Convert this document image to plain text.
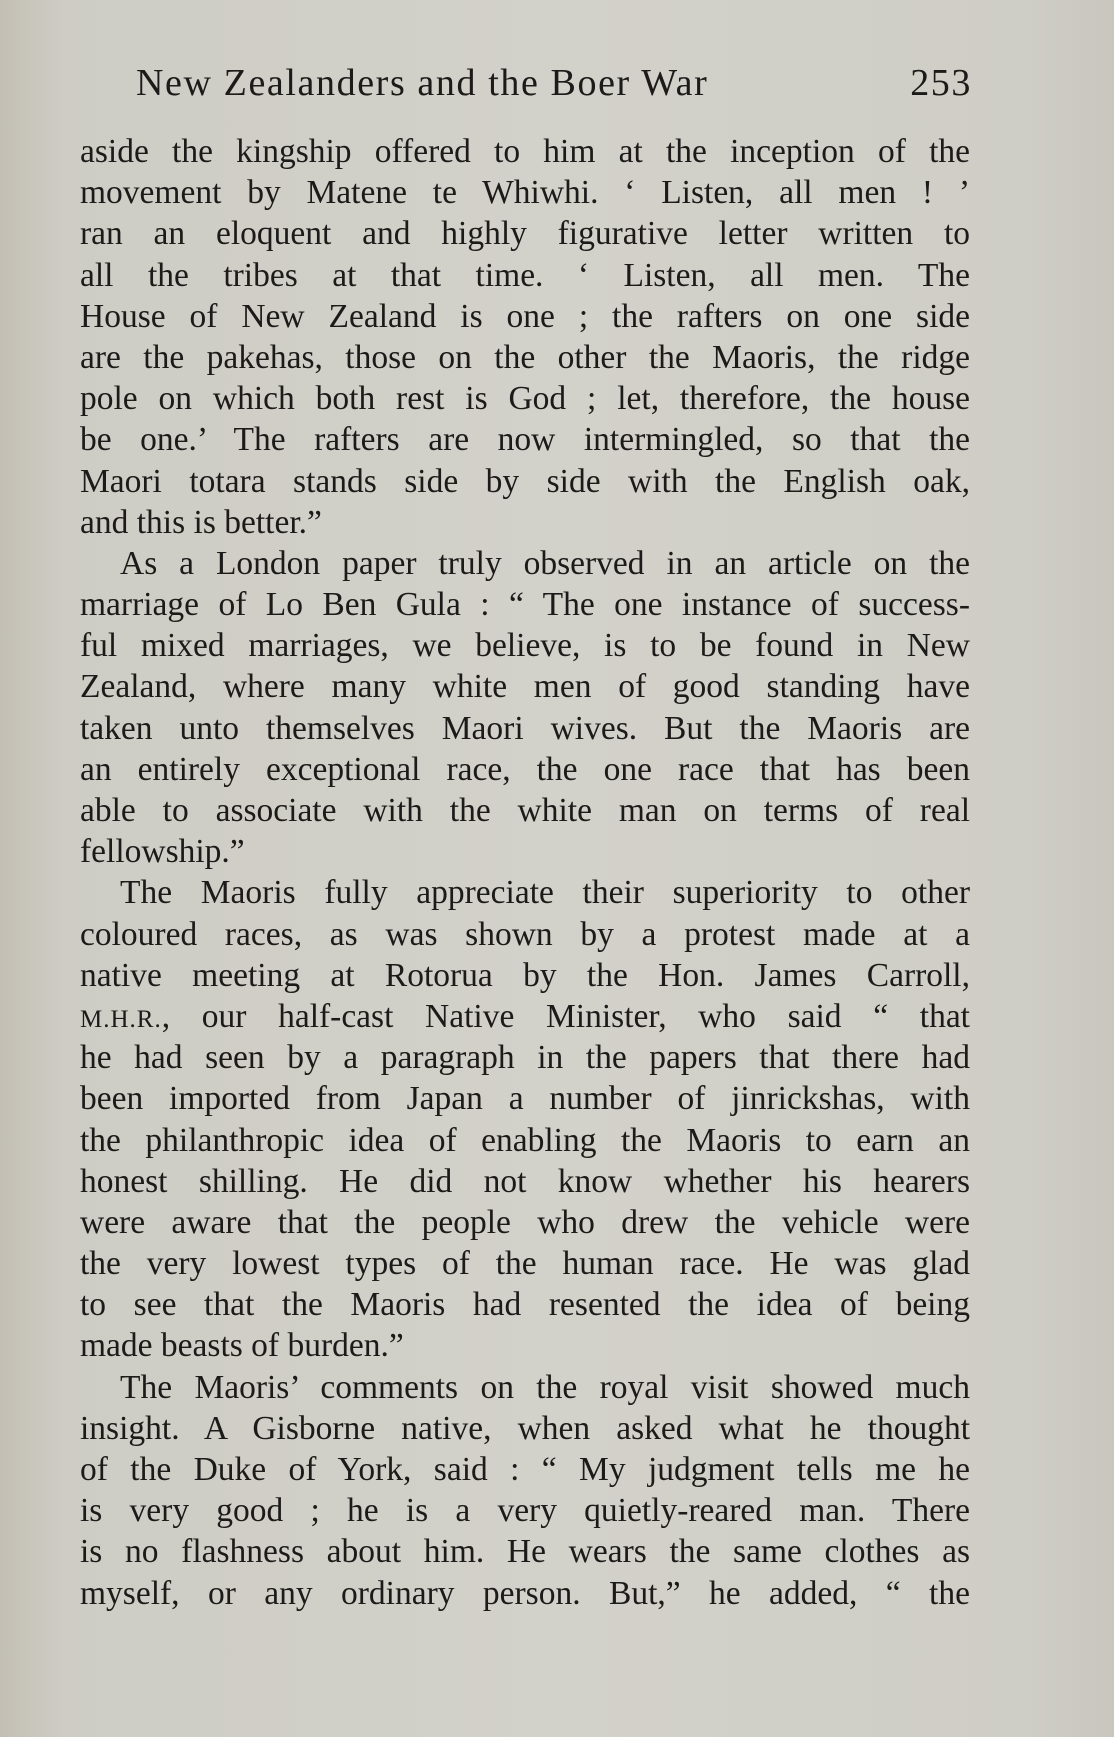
New Zealanders and the Boer War	253
aside the kingship offered to him at the inception of the
movement by Matene te Whiwhi. ‘ Listen, all men ! ’
ran an eloquent and highly figurative letter written to
all the tribes at that time. ‘ Listen, all men. The
House of New Zealand is one ; the rafters on one side
are the pakehas, those on the other the Maoris, the ridge
pole on which both rest is God ; let, therefore, the house
be one.’ The rafters are now intermingled, so that the
Maori totara stands side by side with the English oak,
and this is better.”
As a London paper truly observed in an article on the
marriage of Lo Ben Gula : “ The one instance of success-
ful mixed marriages, we believe, is to be found in New
Zealand, where many white men of good standing have
taken unto themselves Maori wives. But the Maoris are
an entirely exceptional race, the one race that has been
able to associate with the white man on terms of real
fellowship.”
The Maoris fully appreciate their superiority to other
coloured races, as was shown by a protest made at a
native meeting at Rotorua by the Hon. James Carroll,
M.H.R., our half-cast Native Minister, who said “ that
he had seen by a paragraph in the papers that there had
been imported from Japan a number of jinrickshas, with
the philanthropic idea of enabling the Maoris to earn an
honest shilling. He did not know whether his hearers
were aware that the people who drew the vehicle were
the very lowest types of the human race. He was glad
to see that the Maoris had resented the idea of being
made beasts of burden.”
The Maoris’ comments on the royal visit showed much
insight. A Gisborne native, when asked what he thought
of the Duke of York, said : “ My judgment tells me he
is very good ; he is a very quietly-reared man. There
is no flashness about him. He wears the same clothes as
myself, or any ordinary person. But,” he added, “ the
